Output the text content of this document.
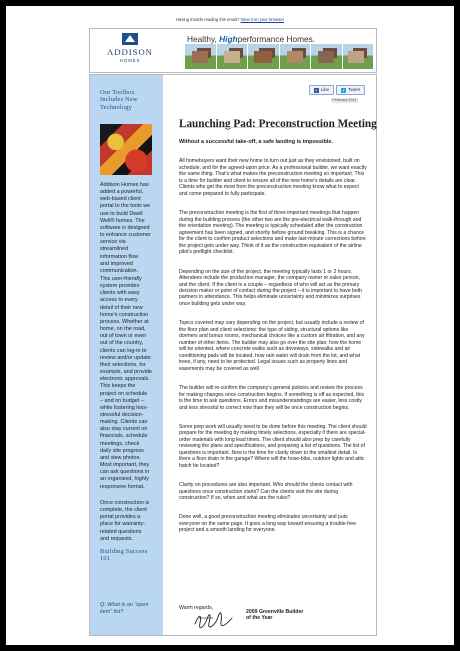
Having trouble reading this email? View it on your browser
ADDISON
HOMES
Healthy, Highperformance Homes.
Our Toolbox Includes New Technology
Addison Homes has
added a powerful,
web-based client
portal to the tools we
use to build Dwell
Well® homes. The
software is designed
to enhance customer
service via
streamlined
information flow
and improved
communication.
This user-friendly
system provides
clients with easy
access to every
detail of their new
home’s construction
process. Whether at
home, on the road,
out of town or even
out of the country,
clients can log-in to
review and/or update
their selections, for
example, and provide
electronic approvals.
This keeps the
project on schedule
– and on budget –
while fostering less-
stressful decision-
making. Clients can
also stay current on
financials, schedule
meetings, check
daily site progress
and view photos.
Most important, they
can ask questions in
an organized, highly
responsive format.
Once construction is
complete, the client
portal provides a
place for warranty-
related questions
and requests.
Building Success 101
Q: What is an “open
item” list?
f Like	t Tweet
February 2011
Launching Pad: Preconstruction Meeting
Without a successful take-off, a safe landing is impossible.

All homebuyers want their new home to turn out just as they envisioned, built on schedule, and for the agreed-upon price. As a professional builder, we want exactly the same thing. That’s what makes the preconstruction meeting so important. This is a time for builder and client to ensure all of the new home’s details are clear. Clients who get the most from the preconstruction meeting know what to expect and come prepared to fully participate.

The preconstruction meeting is the first of three important meetings that happen during the building process (the other two are the pre-electrical walk-through and the orientation meeting). The meeting is typically scheduled after the construction agreement has been signed, and shortly before ground breaking. This is a chance for the client to confirm product selections and make last-minute corrections before the project gets under way. Think of it as the construction equivalent of the airline pilot’s preflight checklist.

Depending on the size of the project, the meeting typically lasts 1 or 2 hours. Attendees include the production manager, the company owner or sales person, and the client. If the client is a couple – regardless of who will act as the primary decision maker or point of contact during the project – it is important to have both partners in attendance. This helps eliminate uncertainty and minimizes surprises once building gets under way.

Topics covered may vary depending on the project, but usually include a review of the floor plan and client selections: the type of siding, structural options like dormers and bonus rooms, mechanical choices like a custom air filtration, and any number of other items. The builder may also go over the site plan: how the home will be oriented, where concrete walks such as driveways, sidewalks and air conditioning pads will be located, how rain water will drain from the lot, and what trees, if any, need to be protected. Legal issues such as property lines and easements may be covered as well.

The builder will re-confirm the company’s general policies and review the process for making changes once construction begins. If something is off as expected, this is the time to ask questions. Errors and misunderstandings are easier, less costly and less stressful to correct now than they will be once construction begins.

Some prep work will usually need to be done before this meeting. The client should prepare for the meeting by making timely selections, especially if there are special-order materials with long lead times. The client should also prep by carefully reviewing the plans and specifications, and preparing a list of questions. The list of questions is important. Now is the time for clarity down to the smallest detail. Is there a floor drain in the garage? Where will the hose-bibs, outdoor lights and attic hatch be located?

Clarity on procedures are also important. Who should the clients contact with questions once construction starts? Can the clients visit the site during construction? If so, when and what are the rules?

Done well, a good preconstruction meeting eliminates uncertainty and puts everyone on the same page. It goes a long way toward ensuring a trouble-free project and a smooth landing for everyone.

Warm regards,
2009 Greenville Builder
of the Year
